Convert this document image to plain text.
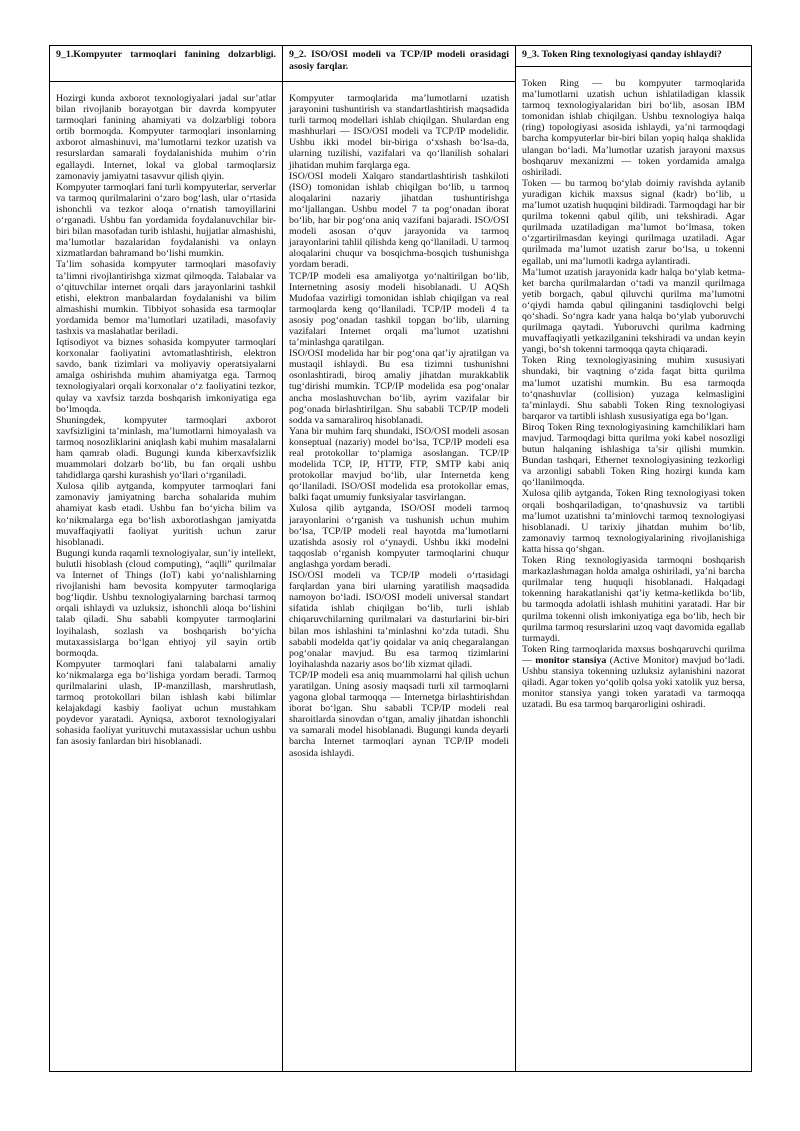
9_1.Kompyuter tarmoqlari fanining dolzarbligi.

Hozirgi kunda axborot texnologiyalari jadal sur’atlar bilan rivojlanib borayotgan bir davrda kompyuter tarmoqlari fanining ahamiyati va dolzarbligi tobora ortib bormoqda. Kompyuter tarmoqlari insonlarning axborot almashinuvi, ma’lumotlarni tezkor uzatish va resurslardan samarali foydalanishida muhim o‘rin egallaydi. Internet, lokal va global tarmoqlarsiz zamonaviy jamiyatni tasavvur qilish qiyin.

Kompyuter tarmoqlari fani turli kompyuterlar, serverlar va tarmoq qurilmalarini o‘zaro bog‘lash, ular o‘rtasida ishonchli va tezkor aloqa o‘rnatish tamoyillarini o‘rganadi. Ushbu fan yordamida foydalanuvchilar bir-biri bilan masofadan turib ishlashi, hujjatlar almashishi, ma’lumotlar bazalaridan foydalanishi va onlayn xizmatlardan bahramand bo‘lishi mumkin.

Ta’lim sohasida kompyuter tarmoqlari masofaviy ta’limni rivojlantirishga xizmat qilmoqda. Talabalar va o‘qituvchilar internet orqali dars jarayonlarini tashkil etishi, elektron manbalardan foydalanishi va bilim almashishi mumkin. Tibbiyot sohasida esa tarmoqlar yordamida bemor ma’lumotlari uzatiladi, masofaviy tashxis va maslahatlar beriladi.

Iqtisodiyot va biznes sohasida kompyuter tarmoqlari korxonalar faoliyatini avtomatlashtirish, elektron savdo, bank tizimlari va moliyaviy operatsiyalarni amalga oshirishda muhim ahamiyatga ega. Tarmoq texnologiyalari orqali korxonalar o‘z faoliyatini tezkor, qulay va xavfsiz tarzda boshqarish imkoniyatiga ega bo‘lmoqda.

Shuningdek, kompyuter tarmoqlari axborot xavfsizligini ta’minlash, ma’lumotlarni himoyalash va tarmoq nosozliklarini aniqlash kabi muhim masalalarni ham qamrab oladi. Bugungi kunda kiberxavfsizlik muammolari dolzarb bo‘lib, bu fan orqali ushbu tahdidlarga qarshi kurashish yo‘llari o‘rganiladi.

Xulosa qilib aytganda, kompyuter tarmoqlari fani zamonaviy jamiyatning barcha sohalarida muhim ahamiyat kasb etadi. Ushbu fan bo‘yicha bilim va ko‘nikmalarga ega bo‘lish axborotlashgan jamiyatda muvaffaqiyatli faoliyat yuritish uchun zarur hisoblanadi.

Bugungi kunda raqamli texnologiyalar, sun’iy intellekt, bulutli hisoblash (cloud computing), “aqlli” qurilmalar va Internet of Things (IoT) kabi yo‘nalishlarning rivojlanishi ham bevosita kompyuter tarmoqlariga bog‘liqdir. Ushbu texnologiyalarning barchasi tarmoq orqali ishlaydi va uzluksiz, ishonchli aloqa bo‘lishini talab qiladi. Shu sababli kompyuter tarmoqlarini loyihalash, sozlash va boshqarish bo‘yicha mutaxassislarga bo‘lgan ehtiyoj yil sayin ortib bormoqda.

Kompyuter tarmoqlari fani talabalarni amaliy ko‘nikmalarga ega bo‘lishiga yordam beradi. Tarmoq qurilmalarini ulash, IP-manzillash, marshrutlash, tarmoq protokollari bilan ishlash kabi bilimlar kelajakdagi kasbiy faoliyat uchun mustahkam poydevor yaratadi. Ayniqsa, axborot texnologiyalari sohasida faoliyat yurituvchi mutaxassislar uchun ushbu fan asosiy fanlardan biri hisoblanadi.

9_2. ISO/OSI modeli va TCP/IP modeli orasidagi asosiy farqlar.

Kompyuter tarmoqlarida ma’lumotlarni uzatish jarayonini tushuntirish va standartlashtirish maqsadida turli tarmoq modellari ishlab chiqilgan. Shulardan eng mashhurlari — ISO/OSI modeli va TCP/IP modelidir. Ushbu ikki model bir-biriga o‘xshash bo‘lsa-da, ularning tuzilishi, vazifalari va qo‘llanilish sohalari jihatidan muhim farqlarga ega.

ISO/OSI modeli Xalqaro standartlashtirish tashkiloti (ISO) tomonidan ishlab chiqilgan bo‘lib, u tarmoq aloqalarini nazariy jihatdan tushuntirishga mo‘ljallangan. Ushbu model 7 ta pog‘onadan iborat bo‘lib, har bir pog‘ona aniq vazifani bajaradi. ISO/OSI modeli asosan o‘quv jarayonida va tarmoq jarayonlarini tahlil qilishda keng qo‘llaniladi. U tarmoq aloqalarini chuqur va bosqichma-bosqich tushunishga yordam beradi.

TCP/IP modeli esa amaliyotga yo‘naltirilgan bo‘lib, Internetning asosiy modeli hisoblanadi. U AQSh Mudofaa vazirligi tomonidan ishlab chiqilgan va real tarmoqlarda keng qo‘llaniladi. TCP/IP modeli 4 ta asosiy pog‘onadan tashkil topgan bo‘lib, ularning vazifalari Internet orqali ma’lumot uzatishni ta’minlashga qaratilgan.

ISO/OSI modelida har bir pog‘ona qat’iy ajratilgan va mustaqil ishlaydi. Bu esa tizimni tushunishni osonlashtiradi, biroq amaliy jihatdan murakkablik tug‘dirishi mumkin. TCP/IP modelida esa pog‘onalar ancha moslashuvchan bo‘lib, ayrim vazifalar bir pog‘onada birlashtirilgan. Shu sababli TCP/IP modeli sodda va samaraliroq hisoblanadi.

Yana bir muhim farq shundaki, ISO/OSI modeli asosan konseptual (nazariy) model bo‘lsa, TCP/IP modeli esa real protokollar to‘plamiga asoslangan. TCP/IP modelida TCP, IP, HTTP, FTP, SMTP kabi aniq protokollar mavjud bo‘lib, ular Internetda keng qo‘llaniladi. ISO/OSI modelida esa protokollar emas, balki faqat umumiy funksiyalar tasvirlangan.

Xulosa qilib aytganda, ISO/OSI modeli tarmoq jarayonlarini o‘rganish va tushunish uchun muhim bo‘lsa, TCP/IP modeli real hayotda ma’lumotlarni uzatishda asosiy rol o‘ynaydi. Ushbu ikki modelni taqqoslab o‘rganish kompyuter tarmoqlarini chuqur anglashga yordam beradi.

ISO/OSI modeli va TCP/IP modeli o‘rtasidagi farqlardan yana biri ularning yaratilish maqsadida namoyon bo‘ladi. ISO/OSI modeli universal standart sifatida ishlab chiqilgan bo‘lib, turli ishlab chiqaruvchilarning qurilmalari va dasturlarini bir-biri bilan mos ishlashini ta’minlashni ko‘zda tutadi. Shu sababli modelda qat’iy qoidalar va aniq chegaralangan pog‘onalar mavjud. Bu esa tarmoq tizimlarini loyihalashda nazariy asos bo‘lib xizmat qiladi.

TCP/IP modeli esa aniq muammolarni hal qilish uchun yaratilgan. Uning asosiy maqsadi turli xil tarmoqlarni yagona global tarmoqqa — Internetga birlashtirishdan iborat bo‘lgan. Shu sababli TCP/IP modeli real sharoitlarda sinovdan o‘tgan, amaliy jihatdan ishonchli va samarali model hisoblanadi. Bugungi kunda deyarli barcha Internet tarmoqlari aynan TCP/IP modeli asosida ishlaydi.

9_3. Token Ring texnologiyasi qanday ishlaydi?

Token Ring — bu kompyuter tarmoqlarida ma’lumotlarni uzatish uchun ishlatiladigan klassik tarmoq texnologiyalaridan biri bo‘lib, asosan IBM tomonidan ishlab chiqilgan. Ushbu texnologiya halqa (ring) topologiyasi asosida ishlaydi, ya’ni tarmoqdagi barcha kompyuterlar bir-biri bilan yopiq halqa shaklida ulangan bo‘ladi. Ma’lumotlar uzatish jarayoni maxsus boshqaruv mexanizmi — token yordamida amalga oshiriladi.

Token — bu tarmoq bo‘ylab doimiy ravishda aylanib yuradigan kichik maxsus signal (kadr) bo‘lib, u ma’lumot uzatish huquqini bildiradi. Tarmoqdagi har bir qurilma tokenni qabul qilib, uni tekshiradi. Agar qurilmada uzatiladigan ma’lumot bo‘lmasa, token o‘zgartirilmasdan keyingi qurilmaga uzatiladi. Agar qurilmada ma’lumot uzatish zarur bo‘lsa, u tokenni egallab, uni ma’lumotli kadrga aylantiradi.

Ma’lumot uzatish jarayonida kadr halqa bo‘ylab ketma-ket barcha qurilmalardan o‘tadi va manzil qurilmaga yetib borgach, qabul qiluvchi qurilma ma’lumotni o‘qiydi hamda qabul qilinganini tasdiqlovchi belgi qo‘shadi. So‘ngra kadr yana halqa bo‘ylab yuboruvchi qurilmaga qaytadi. Yuboruvchi qurilma kadrning muvaffaqiyatli yetkazilganini tekshiradi va undan keyin yangi, bo‘sh tokenni tarmoqqa qayta chiqaradi.

Token Ring texnologiyasining muhim xususiyati shundaki, bir vaqtning o‘zida faqat bitta qurilma ma’lumot uzatishi mumkin. Bu esa tarmoqda to‘qnashuvlar (collision) yuzaga kelmasligini ta’minlaydi. Shu sababli Token Ring texnologiyasi barqaror va tartibli ishlash xususiyatiga ega bo‘lgan.

Biroq Token Ring texnologiyasining kamchiliklari ham mavjud. Tarmoqdagi bitta qurilma yoki kabel nosozligi butun halqaning ishlashiga ta’sir qilishi mumkin. Bundan tashqari, Ethernet texnologiyasining tezkorligi va arzonligi sababli Token Ring hozirgi kunda kam qo‘llanilmoqda.

Xulosa qilib aytganda, Token Ring texnologiyasi token orqali boshqariladigan, to‘qnashuvsiz va tartibli ma’lumot uzatishni ta’minlovchi tarmoq texnologiyasi hisoblanadi. U tarixiy jihatdan muhim bo‘lib, zamonaviy tarmoq texnologiyalarining rivojlanishiga katta hissa qo‘shgan.

Token Ring texnologiyasida tarmoqni boshqarish markazlashmagan holda amalga oshiriladi, ya’ni barcha qurilmalar teng huquqli hisoblanadi. Halqadagi tokenning harakatlanishi qat’iy ketma-ketlikda bo‘lib, bu tarmoqda adolatli ishlash muhitini yaratadi. Har bir qurilma tokenni olish imkoniyatiga ega bo‘lib, hech bir qurilma tarmoq resurslarini uzoq vaqt davomida egallab turmaydi.

Token Ring tarmoqlarida maxsus boshqaruvchi qurilma — monitor stansiya (Active Monitor) mavjud bo‘ladi. Ushbu stansiya tokenning uzluksiz aylanishini nazorat qiladi. Agar token yo‘qolib qolsa yoki xatolik yuz bersa, monitor stansiya yangi token yaratadi va tarmoqqa uzatadi. Bu esa tarmoq barqarorligini oshiradi.
